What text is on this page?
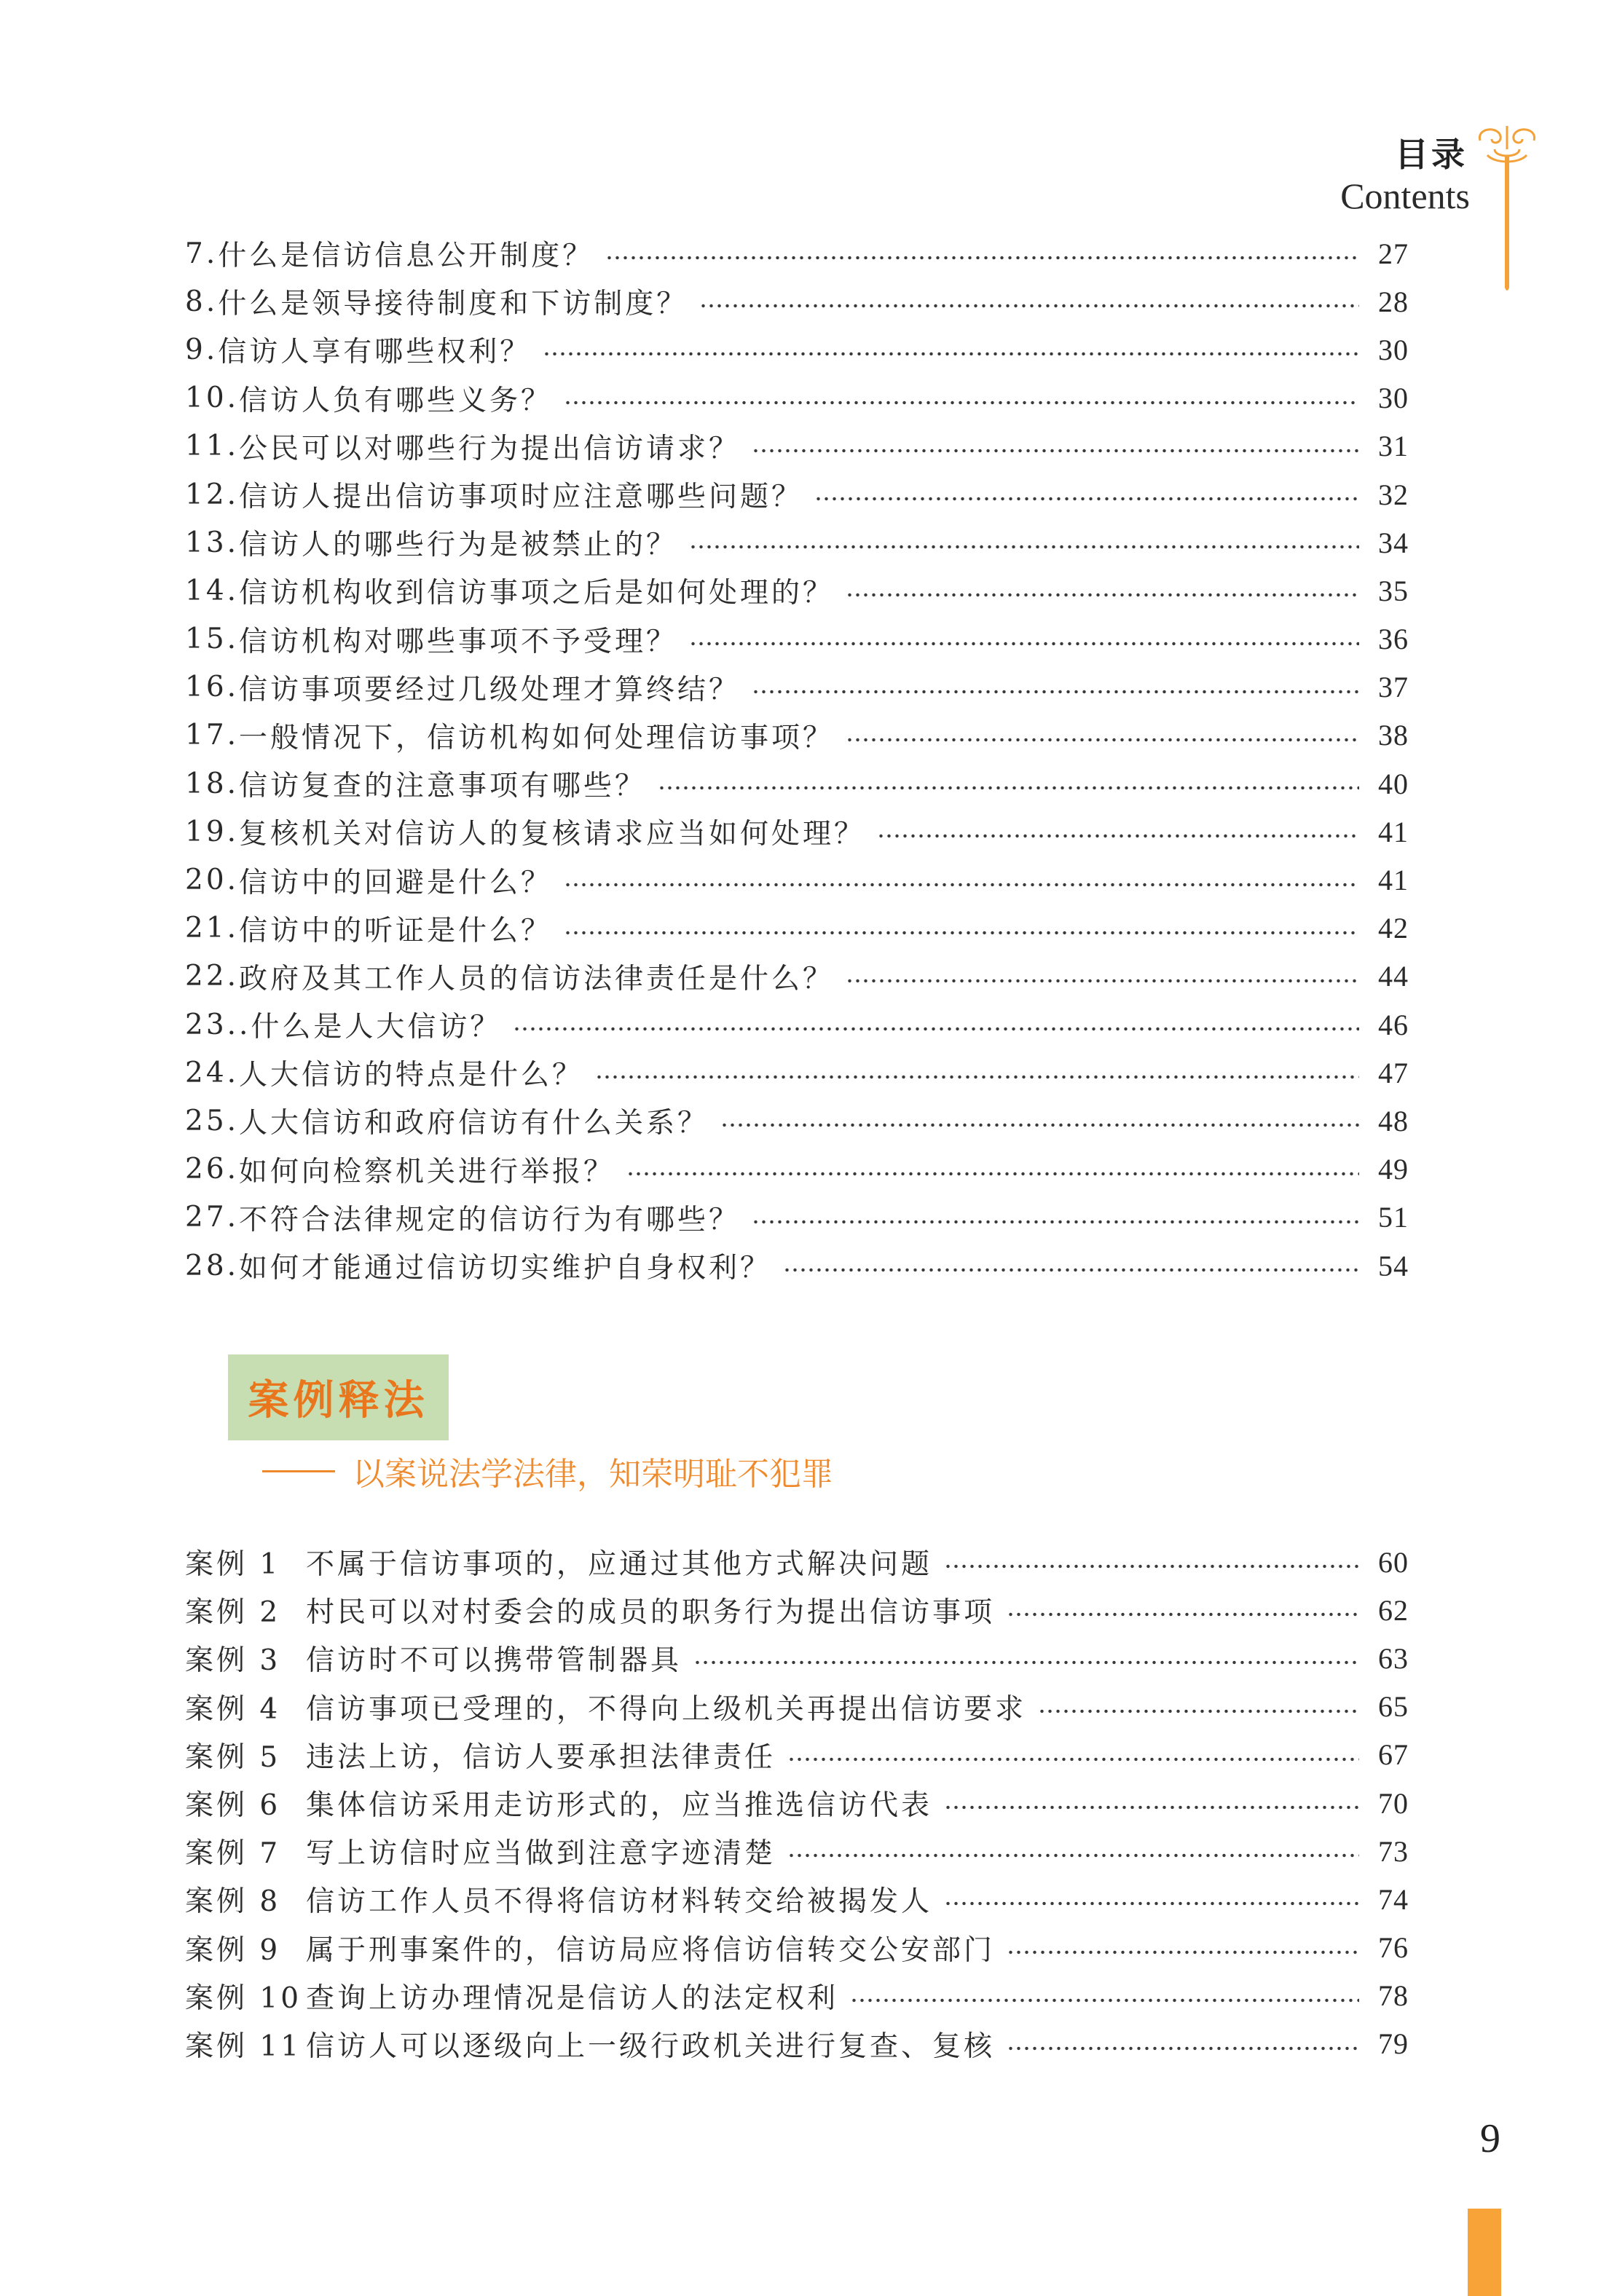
目录
Contents
7. 什么是信访信息公开制度？	27
8. 什么是领导接待制度和下访制度？	28
9. 信访人享有哪些权利？	30
10. 信访人负有哪些义务？	30
11. 公民可以对哪些行为提出信访请求？	31
12. 信访人提出信访事项时应注意哪些问题？	32
13. 信访人的哪些行为是被禁止的？	34
14. 信访机构收到信访事项之后是如何处理的？	35
15. 信访机构对哪些事项不予受理？	36
16. 信访事项要经过几级处理才算终结？	37
17. 一般情况下，信访机构如何处理信访事项？	38
18. 信访复查的注意事项有哪些？	40
19. 复核机关对信访人的复核请求应当如何处理？	41
20. 信访中的回避是什么？	41
21. 信访中的听证是什么？	42
22. 政府及其工作人员的信访法律责任是什么？	44
23.. 什么是人大信访？	46
24. 人大信访的特点是什么？	47
25. 人大信访和政府信访有什么关系？	48
26. 如何向检察机关进行举报？	49
27. 不符合法律规定的信访行为有哪些？	51
28. 如何才能通过信访切实维护自身权利？	54
案例释法
以案说法学法律，知荣明耻不犯罪
案例 1 不属于信访事项的，应通过其他方式解决问题	60
案例 2 村民可以对村委会的成员的职务行为提出信访事项	62
案例 3 信访时不可以携带管制器具	63
案例 4 信访事项已受理的，不得向上级机关再提出信访要求	65
案例 5 违法上访，信访人要承担法律责任	67
案例 6 集体信访采用走访形式的，应当推选信访代表	70
案例 7 写上访信时应当做到注意字迹清楚	73
案例 8 信访工作人员不得将信访材料转交给被揭发人	74
案例 9 属于刑事案件的，信访局应将信访信转交公安部门	76
案例 10 查询上访办理情况是信访人的法定权利	78
案例 11 信访人可以逐级向上一级行政机关进行复查、复核	79
9
